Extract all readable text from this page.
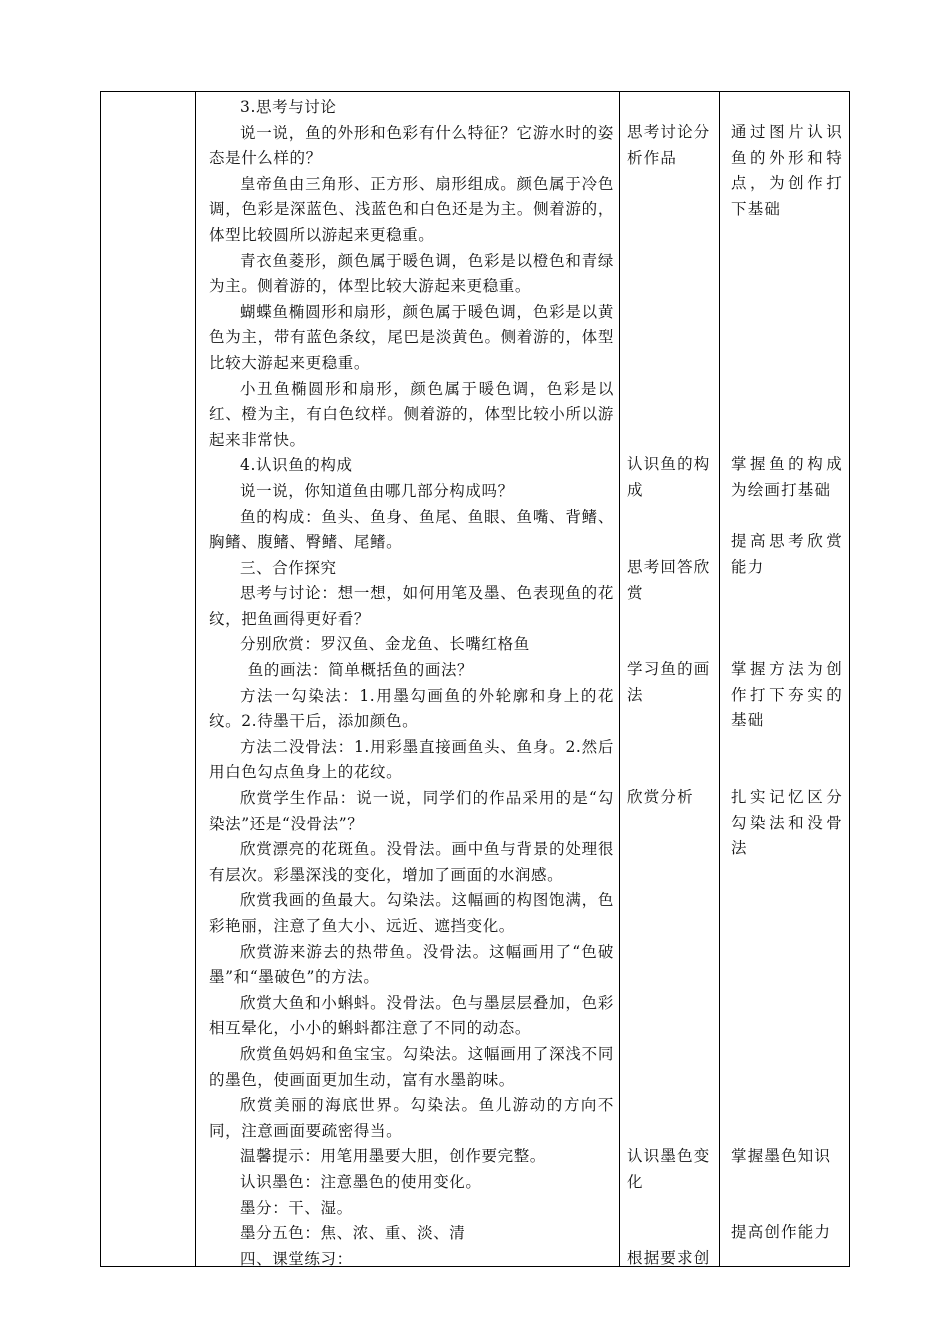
3.思考与讨论

说一说，鱼的外形和色彩有什么特征？它游水时的姿态是什么样的？

皇帝鱼由三角形、正方形、扇形组成。颜色属于冷色调，色彩是深蓝色、浅蓝色和白色还是为主。侧着游的，体型比较圆所以游起来更稳重。

青衣鱼菱形，颜色属于暖色调，色彩是以橙色和青绿为主。侧着游的，体型比较大游起来更稳重。

蝴蝶鱼椭圆形和扇形，颜色属于暖色调，色彩是以黄色为主，带有蓝色条纹，尾巴是淡黄色。侧着游的，体型比较大游起来更稳重。

小丑鱼椭圆形和扇形，颜色属于暖色调，色彩是以红、橙为主，有白色纹样。侧着游的，体型比较小所以游起来非常快。

4.认识鱼的构成

说一说，你知道鱼由哪几部分构成吗？

鱼的构成：鱼头、鱼身、鱼尾、鱼眼、鱼嘴、背鳍、胸鳍、腹鳍、臀鳍、尾鳍。

三、合作探究

思考与讨论：想一想，如何用笔及墨、色表现鱼的花纹，把鱼画得更好看？

分别欣赏：罗汉鱼、金龙鱼、长嘴红格鱼

鱼的画法：简单概括鱼的画法？

方法一勾染法：1.用墨勾画鱼的外轮廓和身上的花纹。2.待墨干后，添加颜色。

方法二没骨法：1.用彩墨直接画鱼头、鱼身。2.然后用白色勾点鱼身上的花纹。

欣赏学生作品：说一说，同学们的作品采用的是“勾染法”还是“没骨法”？

欣赏漂亮的花斑鱼。没骨法。画中鱼与背景的处理很有层次。彩墨深浅的变化，增加了画面的水润感。

欣赏我画的鱼最大。勾染法。这幅画的构图饱满，色彩艳丽，注意了鱼大小、远近、遮挡变化。

欣赏游来游去的热带鱼。没骨法。这幅画用了“色破墨”和“墨破色”的方法。

欣赏大鱼和小蝌蚪。没骨法。色与墨层层叠加，色彩相互晕化，小小的蝌蚪都注意了不同的动态。

欣赏鱼妈妈和鱼宝宝。勾染法。这幅画用了深浅不同的墨色，使画面更加生动，富有水墨韵味。

欣赏美丽的海底世界。勾染法。鱼儿游动的方向不同，注意画面要疏密得当。

温馨提示：用笔用墨要大胆，创作要完整。

认识墨色：注意墨色的使用变化。

墨分：干、湿。

墨分五色：焦、浓、重、淡、清

四、课堂练习：

思考讨论分析作品
认识鱼的构成
思考回答欣赏
学习鱼的画法
欣赏分析
认识墨色变化
根据要求创
通过图片认识鱼的外形和特点，为创作打下基础
掌握鱼的构成为绘画打基础
提高思考欣赏能力
掌握方法为创作打下夯实的基础
扎实记忆区分勾染法和没骨法
掌握墨色知识
提高创作能力
